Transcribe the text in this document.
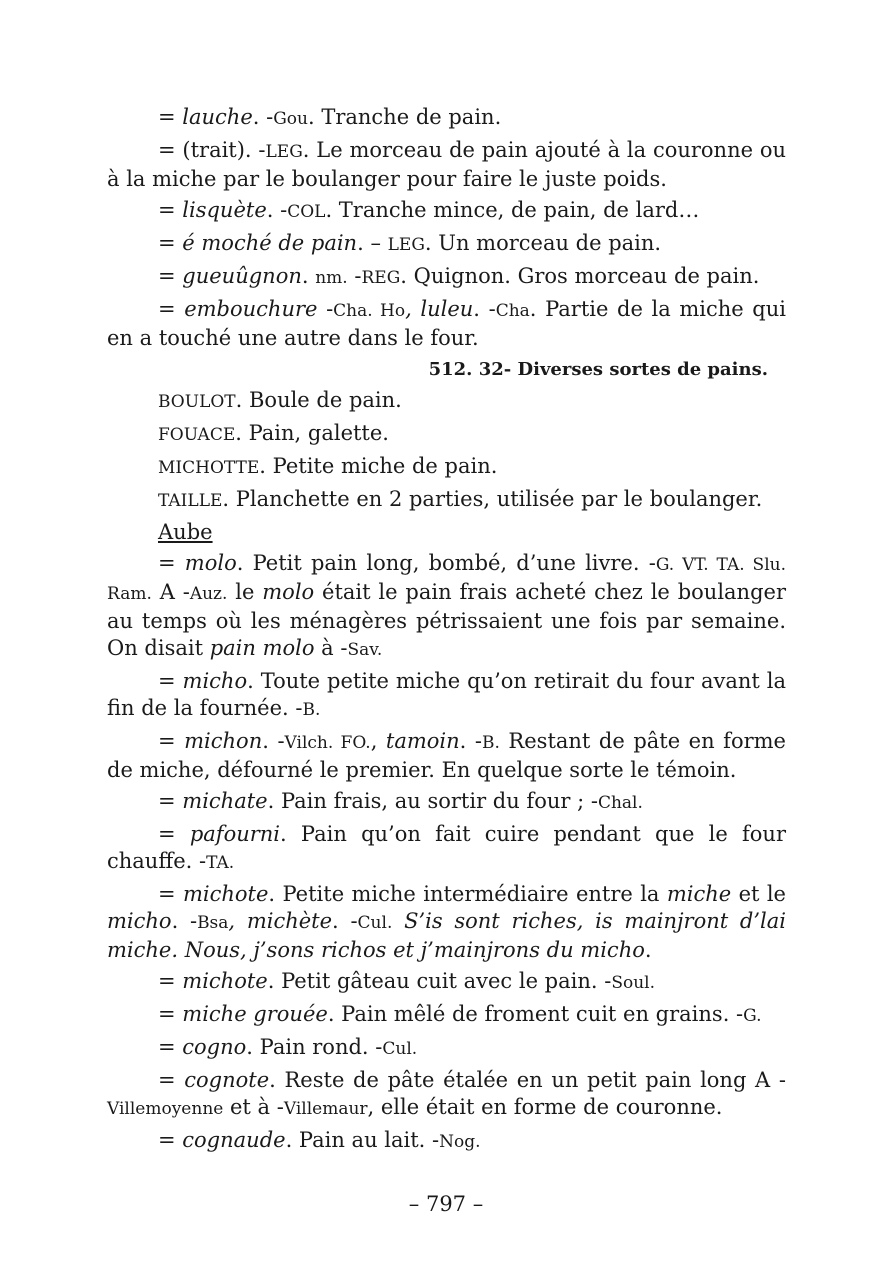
= lauche. -Gou. Tranche de pain.

= (trait). -LEG. Le morceau de pain ajouté à la couronne ou à la miche par le boulanger pour faire le juste poids.

= lisquète. -COL. Tranche mince, de pain, de lard…

= é moché de pain. – LEG. Un morceau de pain.

= gueuûgnon. nm. -REG. Quignon. Gros morceau de pain.

= embouchure -Cha. Ho, luleu. -Cha. Partie de la miche qui en a touché une autre dans le four.

512. 32- Diverses sortes de pains.

BOULOT. Boule de pain.

FOUACE. Pain, galette.

MICHOTTE. Petite miche de pain.

TAILLE. Planchette en 2 parties, utilisée par le boulanger.

Aube

= molo. Petit pain long, bombé, d’une livre. -G. VT. TA. Slu. Ram. A -Auz. le molo était le pain frais acheté chez le boulanger au temps où les ménagères pétrissaient une fois par semaine. On disait pain molo à -Sav.

= micho. Toute petite miche qu’on retirait du four avant la fin de la fournée. -B.

= michon. -Vilch. FO., tamoin. -B. Restant de pâte en forme de miche, défourné le premier. En quelque sorte le témoin.

= michate. Pain frais, au sortir du four ; -Chal.

= pafourni. Pain qu’on fait cuire pendant que le four chauffe. -TA.

= michote. Petite miche intermédiaire entre la miche et le micho. -Bsa, michète. -Cul. S’is sont riches, is mainjront d’lai miche. Nous, j’sons richos et j’mainjrons du micho.

= michote. Petit gâteau cuit avec le pain. -Soul.

= miche grouée. Pain mêlé de froment cuit en grains. -G.

= cogno. Pain rond. -Cul.

= cognote. Reste de pâte étalée en un petit pain long A -Villemoyenne et à -Villemaur, elle était en forme de couronne.

= cognaude. Pain au lait. -Nog.

– 797 –
